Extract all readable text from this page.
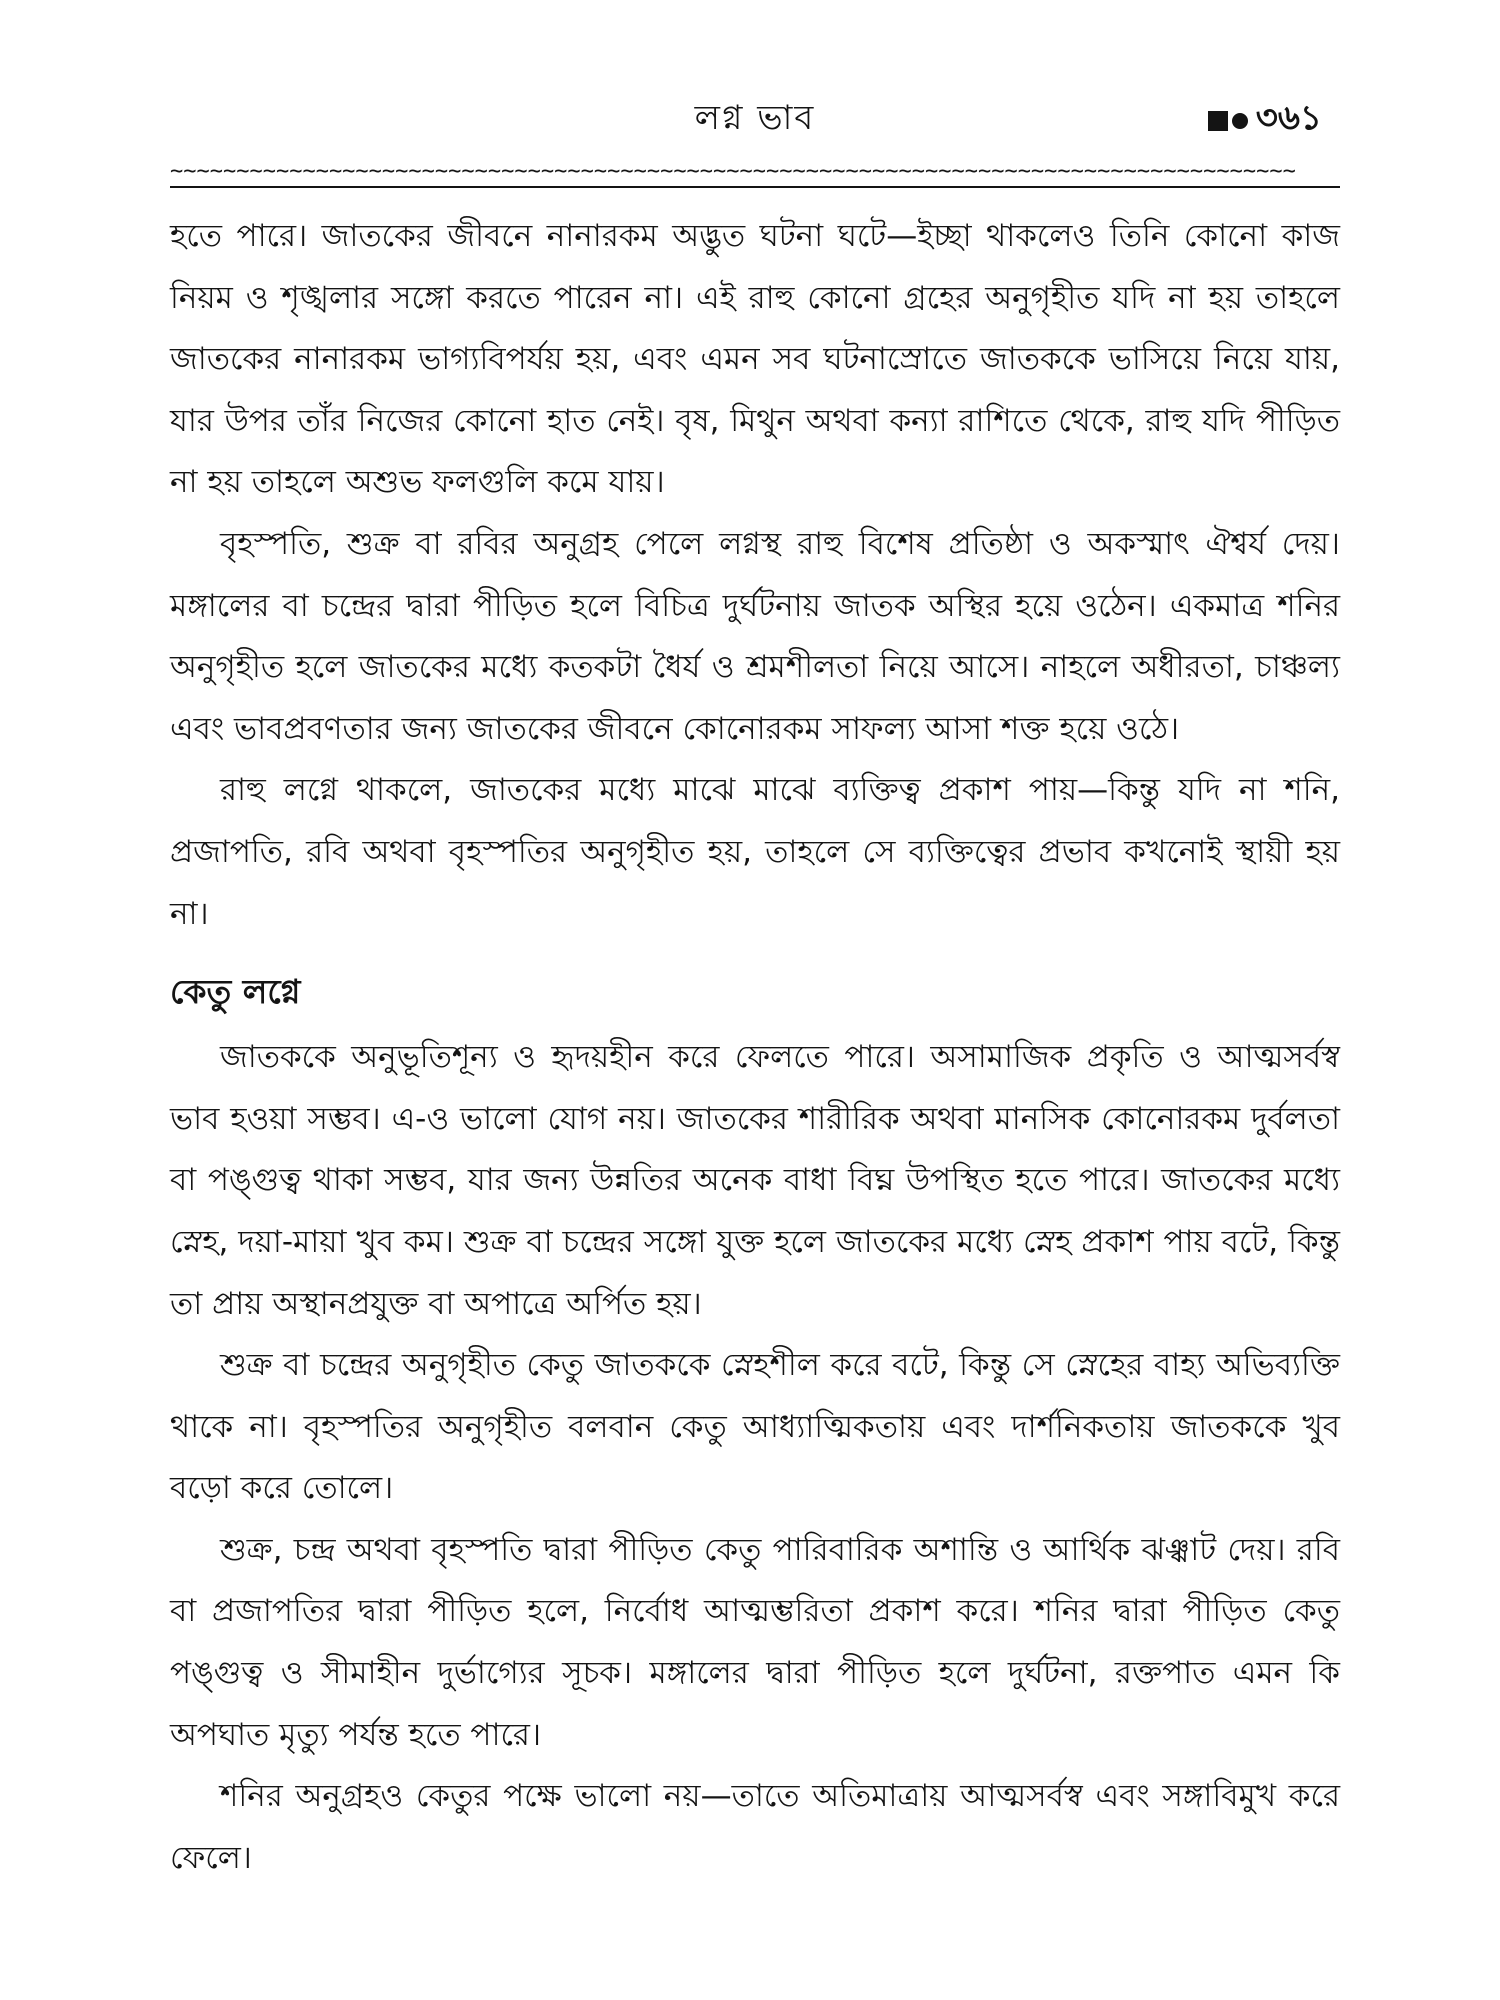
লগ্ন ভাব	৩৬১
~~~~~~~~~~~~~~~~~~~~~~~~~~~~~~~~~~~~~~~~~~~~~~~~~~~~~~~~~~~~~~~~~~~~~~~~~~~~~~~~~~~~~

হতে পারে। জাতকের জীবনে নানারকম অদ্ভুত ঘটনা ঘটে—ইচ্ছা থাকলেও তিনি কোনো কাজ নিয়ম ও শৃঙ্খলার সঙ্গো করতে পারেন না। এই রাহু কোনো গ্রহের অনুগৃহীত যদি না হয় তাহলে জাতকের নানারকম ভাগ্যবিপর্যয় হয়, এবং এমন সব ঘটনাস্রোতে জাতককে ভাসিয়ে নিয়ে যায়, যার উপর তাঁর নিজের কোনো হাত নেই। বৃষ, মিথুন অথবা কন্যা রাশিতে থেকে, রাহু যদি পীড়িত না হয় তাহলে অশুভ ফলগুলি কমে যায়।

বৃহস্পতি, শুক্র বা রবির অনুগ্রহ পেলে লগ্নস্থ রাহু বিশেষ প্রতিষ্ঠা ও অকস্মাৎ ঐশ্বর্য দেয়। মঙ্গালের বা চন্দ্রের দ্বারা পীড়িত হলে বিচিত্র দুর্ঘটনায় জাতক অস্থির হয়ে ওঠেন। একমাত্র শনির অনুগৃহীত হলে জাতকের মধ্যে কতকটা ধৈর্য ও শ্রমশীলতা নিয়ে আসে। নাহলে অধীরতা, চাঞ্চল্য এবং ভাবপ্রবণতার জন্য জাতকের জীবনে কোনোরকম সাফল্য আসা শক্ত হয়ে ওঠে।

রাহু লগ্নে থাকলে, জাতকের মধ্যে মাঝে মাঝে ব্যক্তিত্ব প্রকাশ পায়—কিন্তু যদি না শনি, প্রজাপতি, রবি অথবা বৃহস্পতির অনুগৃহীত হয়, তাহলে সে ব্যক্তিত্বের প্রভাব কখনোই স্থায়ী হয় না।

কেতু লগ্নে

জাতককে অনুভূতিশূন্য ও হৃদয়হীন করে ফেলতে পারে। অসামাজিক প্রকৃতি ও আত্মসর্বস্ব ভাব হওয়া সম্ভব। এ-ও ভালো যোগ নয়। জাতকের শারীরিক অথবা মানসিক কোনোরকম দুর্বলতা বা পঙ্গুত্ব থাকা সম্ভব, যার জন্য উন্নতির অনেক বাধা বিঘ্ন উপস্থিত হতে পারে। জাতকের মধ্যে স্নেহ, দয়া-মায়া খুব কম। শুক্র বা চন্দ্রের সঙ্গো যুক্ত হলে জাতকের মধ্যে স্নেহ প্রকাশ পায় বটে, কিন্তু তা প্রায় অস্থানপ্রযুক্ত বা অপাত্রে অর্পিত হয়।

শুক্র বা চন্দ্রের অনুগৃহীত কেতু জাতককে স্নেহশীল করে বটে, কিন্তু সে স্নেহের বাহ্য অভিব্যক্তি থাকে না। বৃহস্পতির অনুগৃহীত বলবান কেতু আধ্যাত্মিকতায় এবং দার্শনিকতায় জাতককে খুব বড়ো করে তোলে।

শুক্র, চন্দ্র অথবা বৃহস্পতি দ্বারা পীড়িত কেতু পারিবারিক অশান্তি ও আর্থিক ঝঞ্ঝাট দেয়। রবি বা প্রজাপতির দ্বারা পীড়িত হলে, নির্বোধ আত্মম্ভরিতা প্রকাশ করে। শনির দ্বারা পীড়িত কেতু পঙ্গুত্ব ও সীমাহীন দুর্ভাগ্যের সূচক। মঙ্গালের দ্বারা পীড়িত হলে দুর্ঘটনা, রক্তপাত এমন কি অপঘাত মৃত্যু পর্যন্ত হতে পারে।

শনির অনুগ্রহও কেতুর পক্ষে ভালো নয়—তাতে অতিমাত্রায় আত্মসর্বস্ব এবং সঙ্গাবিমুখ করে ফেলে।
